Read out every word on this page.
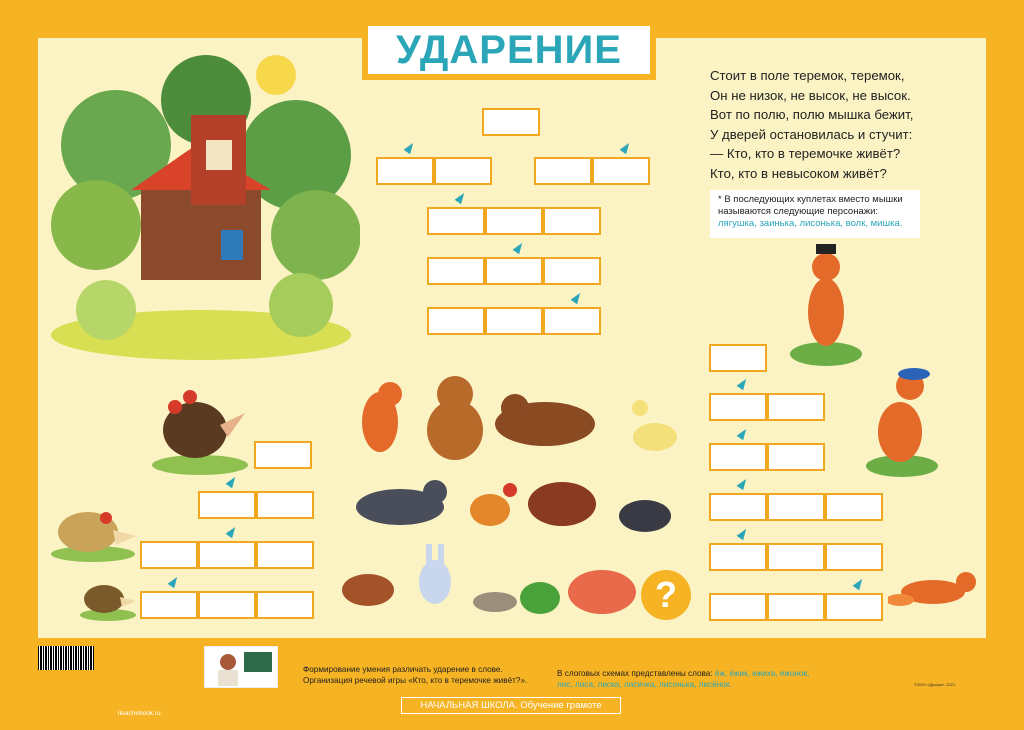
УДАРЕНИЕ
Стоит в поле теремок, теремок,
Он не низок, не высок, не высок.
Вот по полю, полю мышка бежит,
У дверей остановилась и стучит:
— Кто, кто в теремочке живёт?
Кто, кто в невысоком живёт?
* В последующих куплетах вместо мышки называются следующие персонажи: лягушка, заинька, лисонька, волк, мишка.
?
Формирование умения различать ударение в слове.
Организация речевой игры «Кто, кто в теремочке живёт?».
В слоговых схемах представлены слова: ёж, ёжик, ежиха, ежонок;
лис, лиса, лиска, лисичка, лисонька, лисёнок.	©2020 «Дрофа», 2021
НАЧАЛЬНАЯ ШКОЛА. Обучение грамоте
iteachebook.ru
